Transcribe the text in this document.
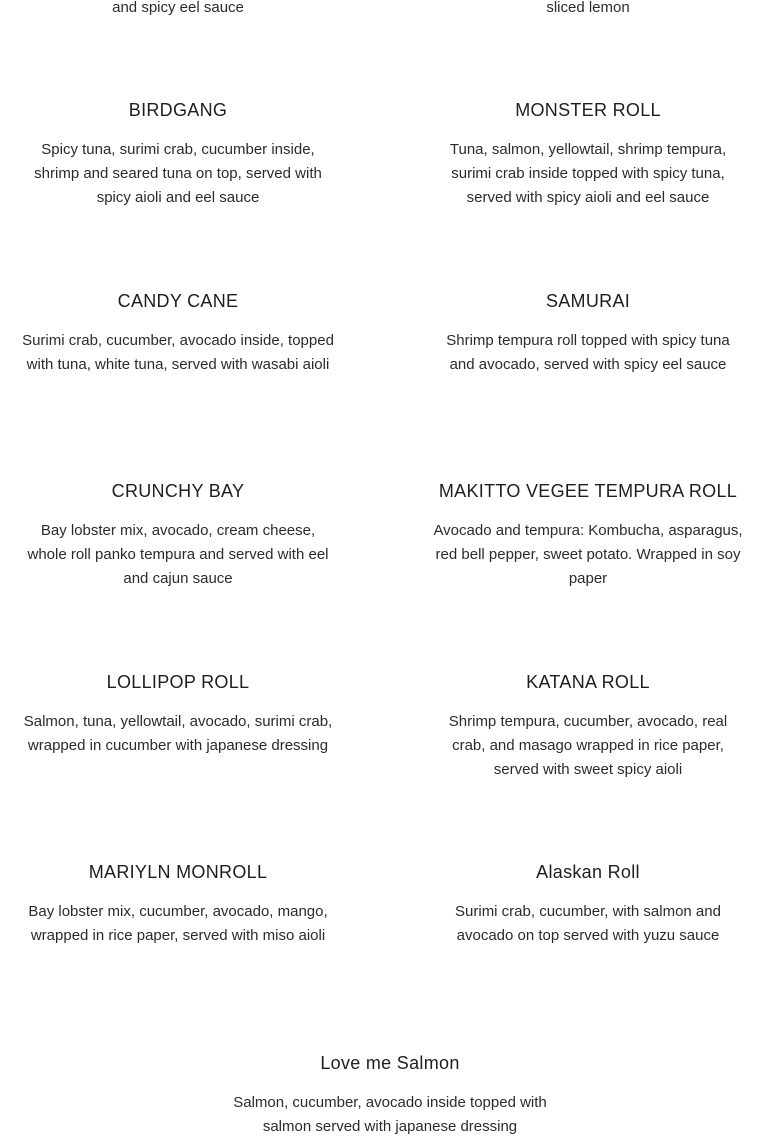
and spicy eel sauce	sliced lemon
BIRDGANG

Spicy tuna, surimi crab, cucumber inside, shrimp and seared tuna on top, served with spicy aioli and eel sauce

MONSTER ROLL

Tuna, salmon, yellowtail, shrimp tempura, surimi crab inside topped with spicy tuna, served with spicy aioli and eel sauce

CANDY CANE

Surimi crab, cucumber, avocado inside, topped with tuna, white tuna, served with wasabi aioli

SAMURAI

Shrimp tempura roll topped with spicy tuna and avocado, served with spicy eel sauce

CRUNCHY BAY

Bay lobster mix, avocado, cream cheese, whole roll panko tempura and served with eel and cajun sauce

MAKITTO VEGEE TEMPURA ROLL

Avocado and tempura: Kombucha, asparagus, red bell pepper, sweet potato. Wrapped in soy paper

LOLLIPOP ROLL

Salmon, tuna, yellowtail, avocado, surimi crab, wrapped in cucumber with japanese dressing

KATANA ROLL

Shrimp tempura, cucumber, avocado, real crab, and masago wrapped in rice paper, served with sweet spicy aioli

MARIYLN MONROLL

Bay lobster mix, cucumber, avocado, mango, wrapped in rice paper, served with miso aioli

Alaskan Roll

Surimi crab, cucumber, with salmon and avocado on top served with yuzu sauce

Love me Salmon

Salmon, cucumber, avocado inside topped with salmon served with japanese dressing
